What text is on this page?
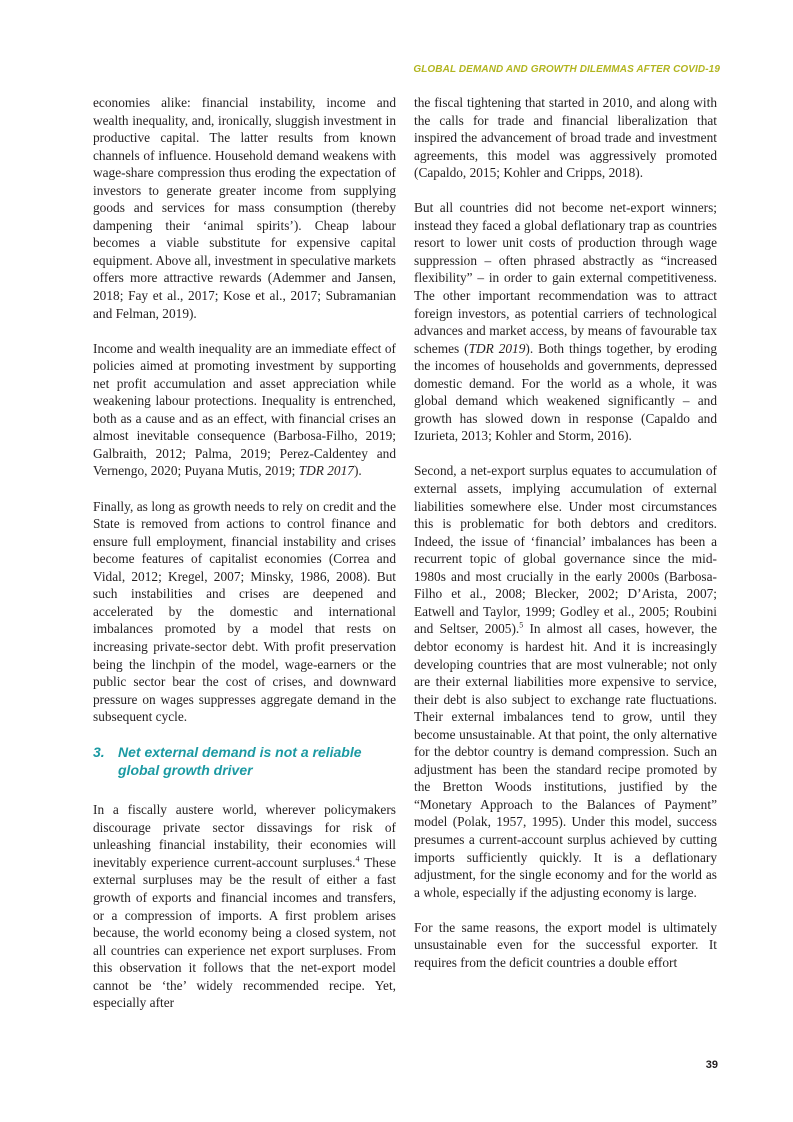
GLOBAL DEMAND AND GROWTH DILEMMAS AFTER COVID-19

economies alike: financial instability, income and wealth inequality, and, ironically, sluggish investment in productive capital. The latter results from known channels of influence. Household demand weakens with wage-share compression thus eroding the expectation of investors to generate greater income from supplying goods and services for mass consumption (thereby dampening their ‘animal spirits’). Cheap labour becomes a viable substitute for expensive capital equipment. Above all, investment in speculative markets offers more attractive rewards (Ademmer and Jansen, 2018; Fay et al., 2017; Kose et al., 2017; Subramanian and Felman, 2019).

Income and wealth inequality are an immediate effect of policies aimed at promoting investment by supporting net profit accumulation and asset appreciation while weakening labour protections. Inequality is entrenched, both as a cause and as an effect, with financial crises an almost inevitable consequence (Barbosa-Filho, 2019; Galbraith, 2012; Palma, 2019; Perez-Caldentey and Vernengo, 2020; Puyana Mutis, 2019; TDR 2017).

Finally, as long as growth needs to rely on credit and the State is removed from actions to control finance and ensure full employment, financial instability and crises become features of capitalist economies (Correa and Vidal, 2012; Kregel, 2007; Minsky, 1986, 2008). But such instabilities and crises are deepened and accelerated by the domestic and international imbalances promoted by a model that rests on increasing private-sector debt. With profit preservation being the linchpin of the model, wage-earners or the public sector bear the cost of crises, and downward pressure on wages suppresses aggregate demand in the subsequent cycle.

3. Net external demand is not a reliable global growth driver

In a fiscally austere world, wherever policymakers discourage private sector dissavings for risk of unleashing financial instability, their economies will inevitably experience current-account surpluses.$^4$ These external surpluses may be the result of either a fast growth of exports and financial incomes and transfers, or a compression of imports. A first problem arises because, the world economy being a closed system, not all countries can experience net export surpluses. From this observation it follows that the net-export model cannot be ‘the’ widely recommended recipe. Yet, especially after

the fiscal tightening that started in 2010, and along with the calls for trade and financial liberalization that inspired the advancement of broad trade and investment agreements, this model was aggressively promoted (Capaldo, 2015; Kohler and Cripps, 2018).

But all countries did not become net-export winners; instead they faced a global deflationary trap as countries resort to lower unit costs of production through wage suppression – often phrased abstractly as “increased flexibility” – in order to gain external competitiveness. The other important recommendation was to attract foreign investors, as potential carriers of technological advances and market access, by means of favourable tax schemes (TDR 2019). Both things together, by eroding the incomes of households and governments, depressed domestic demand. For the world as a whole, it was global demand which weakened significantly – and growth has slowed down in response (Capaldo and Izurieta, 2013; Kohler and Storm, 2016).

Second, a net-export surplus equates to accumulation of external assets, implying accumulation of external liabilities somewhere else. Under most circumstances this is problematic for both debtors and creditors. Indeed, the issue of ‘financial’ imbalances has been a recurrent topic of global governance since the mid-1980s and most crucially in the early 2000s (Barbosa-Filho et al., 2008; Blecker, 2002; D’Arista, 2007; Eatwell and Taylor, 1999; Godley et al., 2005; Roubini and Seltser, 2005).$^5$ In almost all cases, however, the debtor economy is hardest hit. And it is increasingly developing countries that are most vulnerable; not only are their external liabilities more expensive to service, their debt is also subject to exchange rate fluctuations. Their external imbalances tend to grow, until they become unsustainable. At that point, the only alternative for the debtor country is demand compression. Such an adjustment has been the standard recipe promoted by the Bretton Woods institutions, justified by the “Monetary Approach to the Balances of Payment” model (Polak, 1957, 1995). Under this model, success presumes a current-account surplus achieved by cutting imports sufficiently quickly. It is a deflationary adjustment, for the single economy and for the world as a whole, especially if the adjusting economy is large.

For the same reasons, the export model is ultimately unsustainable even for the successful exporter. It requires from the deficit countries a double effort

39
